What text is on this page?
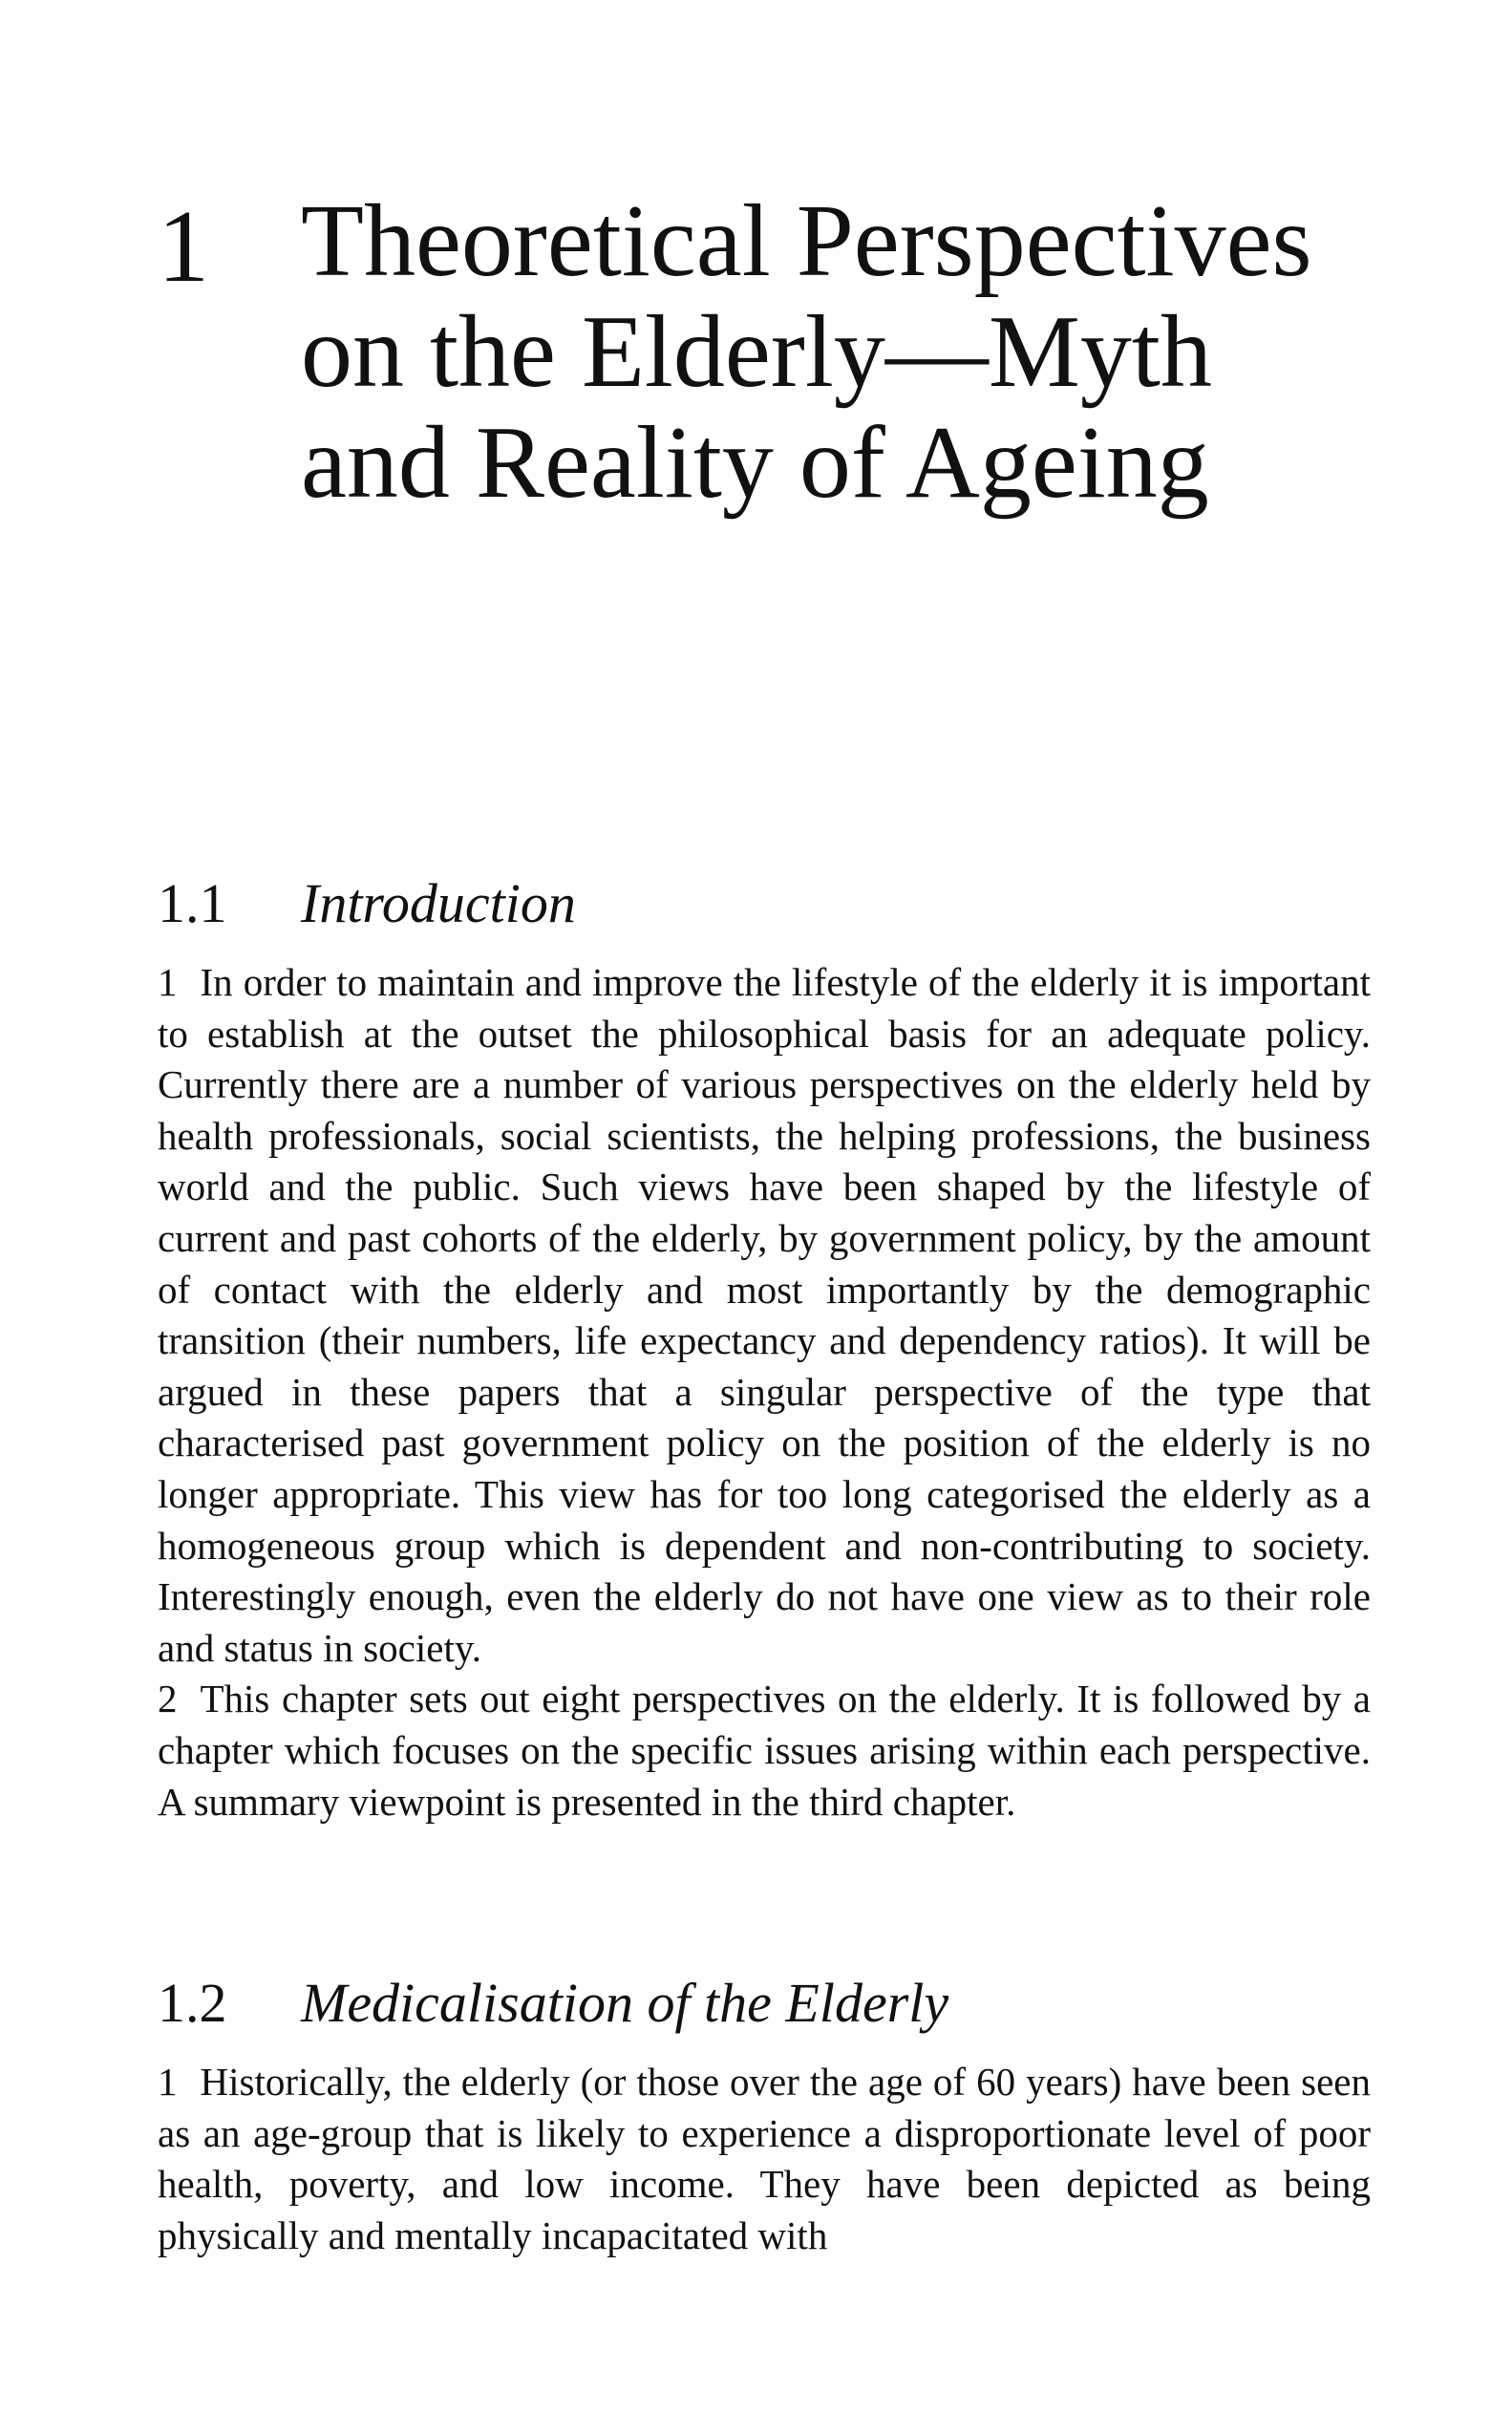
1 Theoretical Perspectives
on the Elderly—Myth
and Reality of Ageing
1.1	Introduction

1 In order to maintain and improve the lifestyle of the elderly it is important to establish at the outset the philosophical basis for an adequate policy. Currently there are a number of various perspectives on the elderly held by health professionals, social scientists, the helping professions, the business world and the public. Such views have been shaped by the lifestyle of current and past cohorts of the elderly, by government policy, by the amount of contact with the elderly and most importantly by the demographic transition (their numbers, life expectancy and dependency ratios). It will be argued in these papers that a singular perspective of the type that characterised past government policy on the position of the elderly is no longer appropriate. This view has for too long categorised the elderly as a homogeneous group which is dependent and non-contributing to society. Interestingly enough, even the elderly do not have one view as to their role and status in society.

2 This chapter sets out eight perspectives on the elderly. It is followed by a chapter which focuses on the specific issues arising within each perspective. A summary viewpoint is presented in the third chapter.

1.2	Medicalisation of the Elderly

1 Historically, the elderly (or those over the age of 60 years) have been seen as an age-group that is likely to experience a disproportionate level of poor health, poverty, and low income. They have been depicted as being physically and mentally incapacitated with
